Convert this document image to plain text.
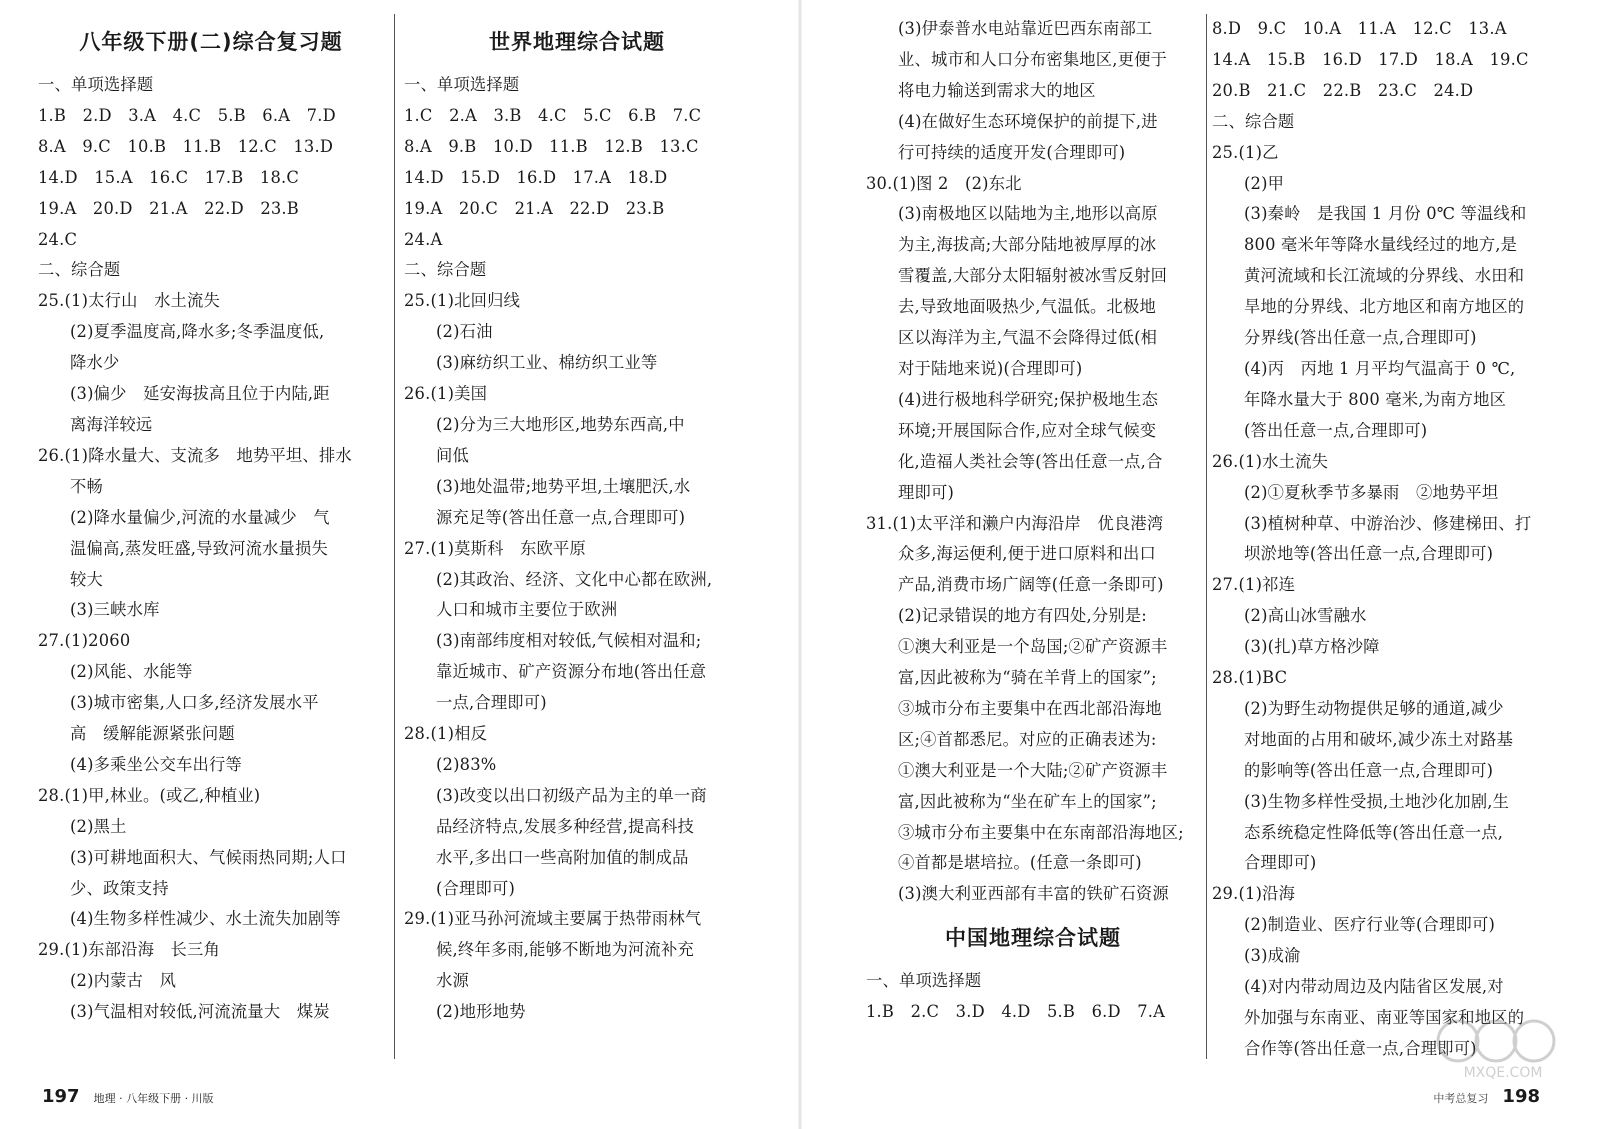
八年级下册(二)综合复习题
一、单项选择题
1.B　2.D　3.A　4.C　5.B　6.A　7.D
8.A　9.C　10.B　11.B　12.C　13.D
14.D　15.A　16.C　17.B　18.C
19.A　20.D　21.A　22.D　23.B
24.C
二、综合题
25.(1)太行山　水土流失
(2)夏季温度高,降水多;冬季温度低,
降水少
(3)偏少　延安海拔高且位于内陆,距
离海洋较远
26.(1)降水量大、支流多　地势平坦、排水
不畅
(2)降水量偏少,河流的水量减少　气
温偏高,蒸发旺盛,导致河流水量损失
较大
(3)三峡水库
27.(1)2060
(2)风能、水能等
(3)城市密集,人口多,经济发展水平
高　缓解能源紧张问题
(4)多乘坐公交车出行等
28.(1)甲,林业。(或乙,种植业)
(2)黑土
(3)可耕地面积大、气候雨热同期;人口
少、政策支持
(4)生物多样性减少、水土流失加剧等
29.(1)东部沿海　长三角
(2)内蒙古　风
(3)气温相对较低,河流流量大　煤炭
世界地理综合试题
一、单项选择题
1.C　2.A　3.B　4.C　5.C　6.B　7.C
8.A　9.B　10.D　11.B　12.B　13.C
14.D　15.D　16.D　17.A　18.D
19.A　20.C　21.A　22.D　23.B
24.A
二、综合题
25.(1)北回归线
(2)石油
(3)麻纺织工业、棉纺织工业等
26.(1)美国
(2)分为三大地形区,地势东西高,中
间低
(3)地处温带;地势平坦,土壤肥沃,水
源充足等(答出任意一点,合理即可)
27.(1)莫斯科　东欧平原
(2)其政治、经济、文化中心都在欧洲,
人口和城市主要位于欧洲
(3)南部纬度相对较低,气候相对温和;
靠近城市、矿产资源分布地(答出任意
一点,合理即可)
28.(1)相反
(2)83%
(3)改变以出口初级产品为主的单一商
品经济特点,发展多种经营,提高科技
水平,多出口一些高附加值的制成品
(合理即可)
29.(1)亚马孙河流域主要属于热带雨林气
候,终年多雨,能够不断地为河流补充
水源
(2)地形地势
197 地理 · 八年级下册 · 川版
(3)伊泰普水电站靠近巴西东南部工
业、城市和人口分布密集地区,更便于
将电力输送到需求大的地区
(4)在做好生态环境保护的前提下,进
行可持续的适度开发(合理即可)
30.(1)图 2　(2)东北
(3)南极地区以陆地为主,地形以高原
为主,海拔高;大部分陆地被厚厚的冰
雪覆盖,大部分太阳辐射被冰雪反射回
去,导致地面吸热少,气温低。北极地
区以海洋为主,气温不会降得过低(相
对于陆地来说)(合理即可)
(4)进行极地科学研究;保护极地生态
环境;开展国际合作,应对全球气候变
化,造福人类社会等(答出任意一点,合
理即可)
31.(1)太平洋和濑户内海沿岸　优良港湾
众多,海运便利,便于进口原料和出口
产品,消费市场广阔等(任意一条即可)
(2)记录错误的地方有四处,分别是:
①澳大利亚是一个岛国;②矿产资源丰
富,因此被称为“骑在羊背上的国家”;
③城市分布主要集中在西北部沿海地
区;④首都悉尼。对应的正确表述为:
①澳大利亚是一个大陆;②矿产资源丰
富,因此被称为“坐在矿车上的国家”;
③城市分布主要集中在东南部沿海地区;
④首都是堪培拉。(任意一条即可)
(3)澳大利亚西部有丰富的铁矿石资源
中国地理综合试题
一、单项选择题
1.B　2.C　3.D　4.D　5.B　6.D　7.A
8.D　9.C　10.A　11.A　12.C　13.A
14.A　15.B　16.D　17.D　18.A　19.C
20.B　21.C　22.B　23.C　24.D
二、综合题
25.(1)乙
(2)甲
(3)秦岭　是我国 1 月份 0℃ 等温线和
800 毫米年等降水量线经过的地方,是
黄河流域和长江流域的分界线、水田和
旱地的分界线、北方地区和南方地区的
分界线(答出任意一点,合理即可)
(4)丙　丙地 1 月平均气温高于 0 ℃,
年降水量大于 800 毫米,为南方地区
(答出任意一点,合理即可)
26.(1)水土流失
(2)①夏秋季节多暴雨　②地势平坦
(3)植树种草、中游治沙、修建梯田、打
坝淤地等(答出任意一点,合理即可)
27.(1)祁连
(2)高山冰雪融水
(3)(扎)草方格沙障
28.(1)BC
(2)为野生动物提供足够的通道,减少
对地面的占用和破坏,减少冻土对路基
的影响等(答出任意一点,合理即可)
(3)生物多样性受损,土地沙化加剧,生
态系统稳定性降低等(答出任意一点,
合理即可)
29.(1)沿海
(2)制造业、医疗行业等(合理即可)
(3)成渝
(4)对内带动周边及内陆省区发展,对
外加强与东南亚、南亚等国家和地区的
合作等(答出任意一点,合理即可)
中考总复习 198
MXQE.COM
